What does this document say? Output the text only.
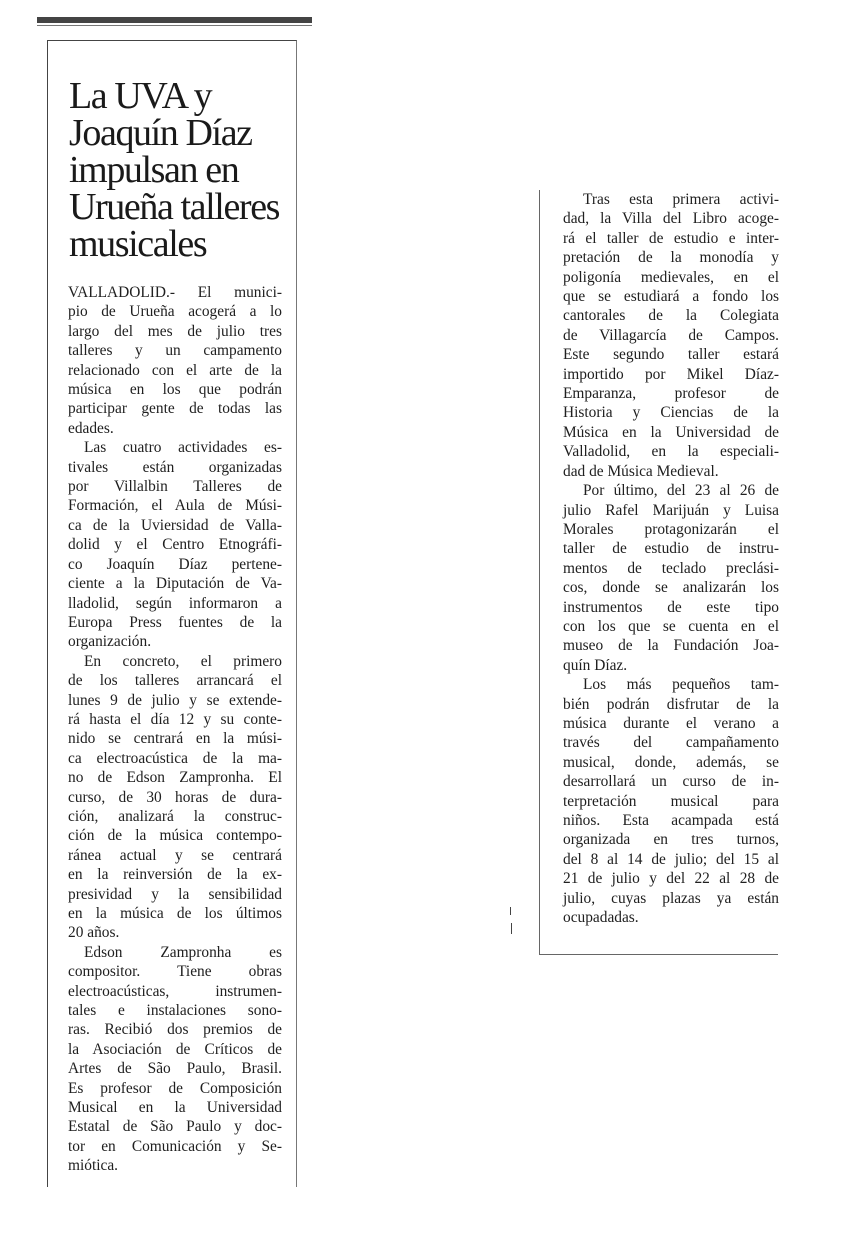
La UVA y
Joaquín Díaz
impulsan en
Urueña talleres
musicales

VALLADOLID.- El munici-
pio de Urueña acogerá a lo
largo del mes de julio tres
talleres y un campamento
relacionado con el arte de la
música en los que podrán
participar gente de todas las
edades.

Las cuatro actividades es-
tivales están organizadas
por Villalbin Talleres de
Formación, el Aula de Músi-
ca de la Uviersidad de Valla-
dolid y el Centro Etnográfi-
co Joaquín Díaz pertene-
ciente a la Diputación de Va-
lladolid, según informaron a
Europa Press fuentes de la
organización.

En concreto, el primero
de los talleres arrancará el
lunes 9 de julio y se extende-
rá hasta el día 12 y su conte-
nido se centrará en la músi-
ca electroacústica de la ma-
no de Edson Zampronha. El
curso, de 30 horas de dura-
ción, analizará la construc-
ción de la música contempo-
ránea actual y se centrará
en la reinversión de la ex-
presividad y la sensibilidad
en la música de los últimos
20 años.

Edson Zampronha es
compositor. Tiene obras
electroacústicas, instrumen-
tales e instalaciones sono-
ras. Recibió dos premios de
la Asociación de Críticos de
Artes de São Paulo, Brasil.
Es profesor de Composición
Musical en la Universidad
Estatal de São Paulo y doc-
tor en Comunicación y Se-
miótica.

Tras esta primera activi-
dad, la Villa del Libro acoge-
rá el taller de estudio e inter-
pretación de la monodía y
poligonía medievales, en el
que se estudiará a fondo los
cantorales de la Colegiata
de Villagarcía de Campos.
Este segundo taller estará
importido por Mikel Díaz-
Emparanza, profesor de
Historia y Ciencias de la
Música en la Universidad de
Valladolid, en la especiali-
dad de Música Medieval.

Por último, del 23 al 26 de
julio Rafel Marijuán y Luisa
Morales protagonizarán el
taller de estudio de instru-
mentos de teclado preclási-
cos, donde se analizarán los
instrumentos de este tipo
con los que se cuenta en el
museo de la Fundación Joa-
quín Díaz.

Los más pequeños tam-
bién podrán disfrutar de la
música durante el verano a
través del campañamento
musical, donde, además, se
desarrollará un curso de in-
terpretación musical para
niños. Esta acampada está
organizada en tres turnos,
del 8 al 14 de julio; del 15 al
21 de julio y del 22 al 28 de
julio, cuyas plazas ya están
ocupadadas.
